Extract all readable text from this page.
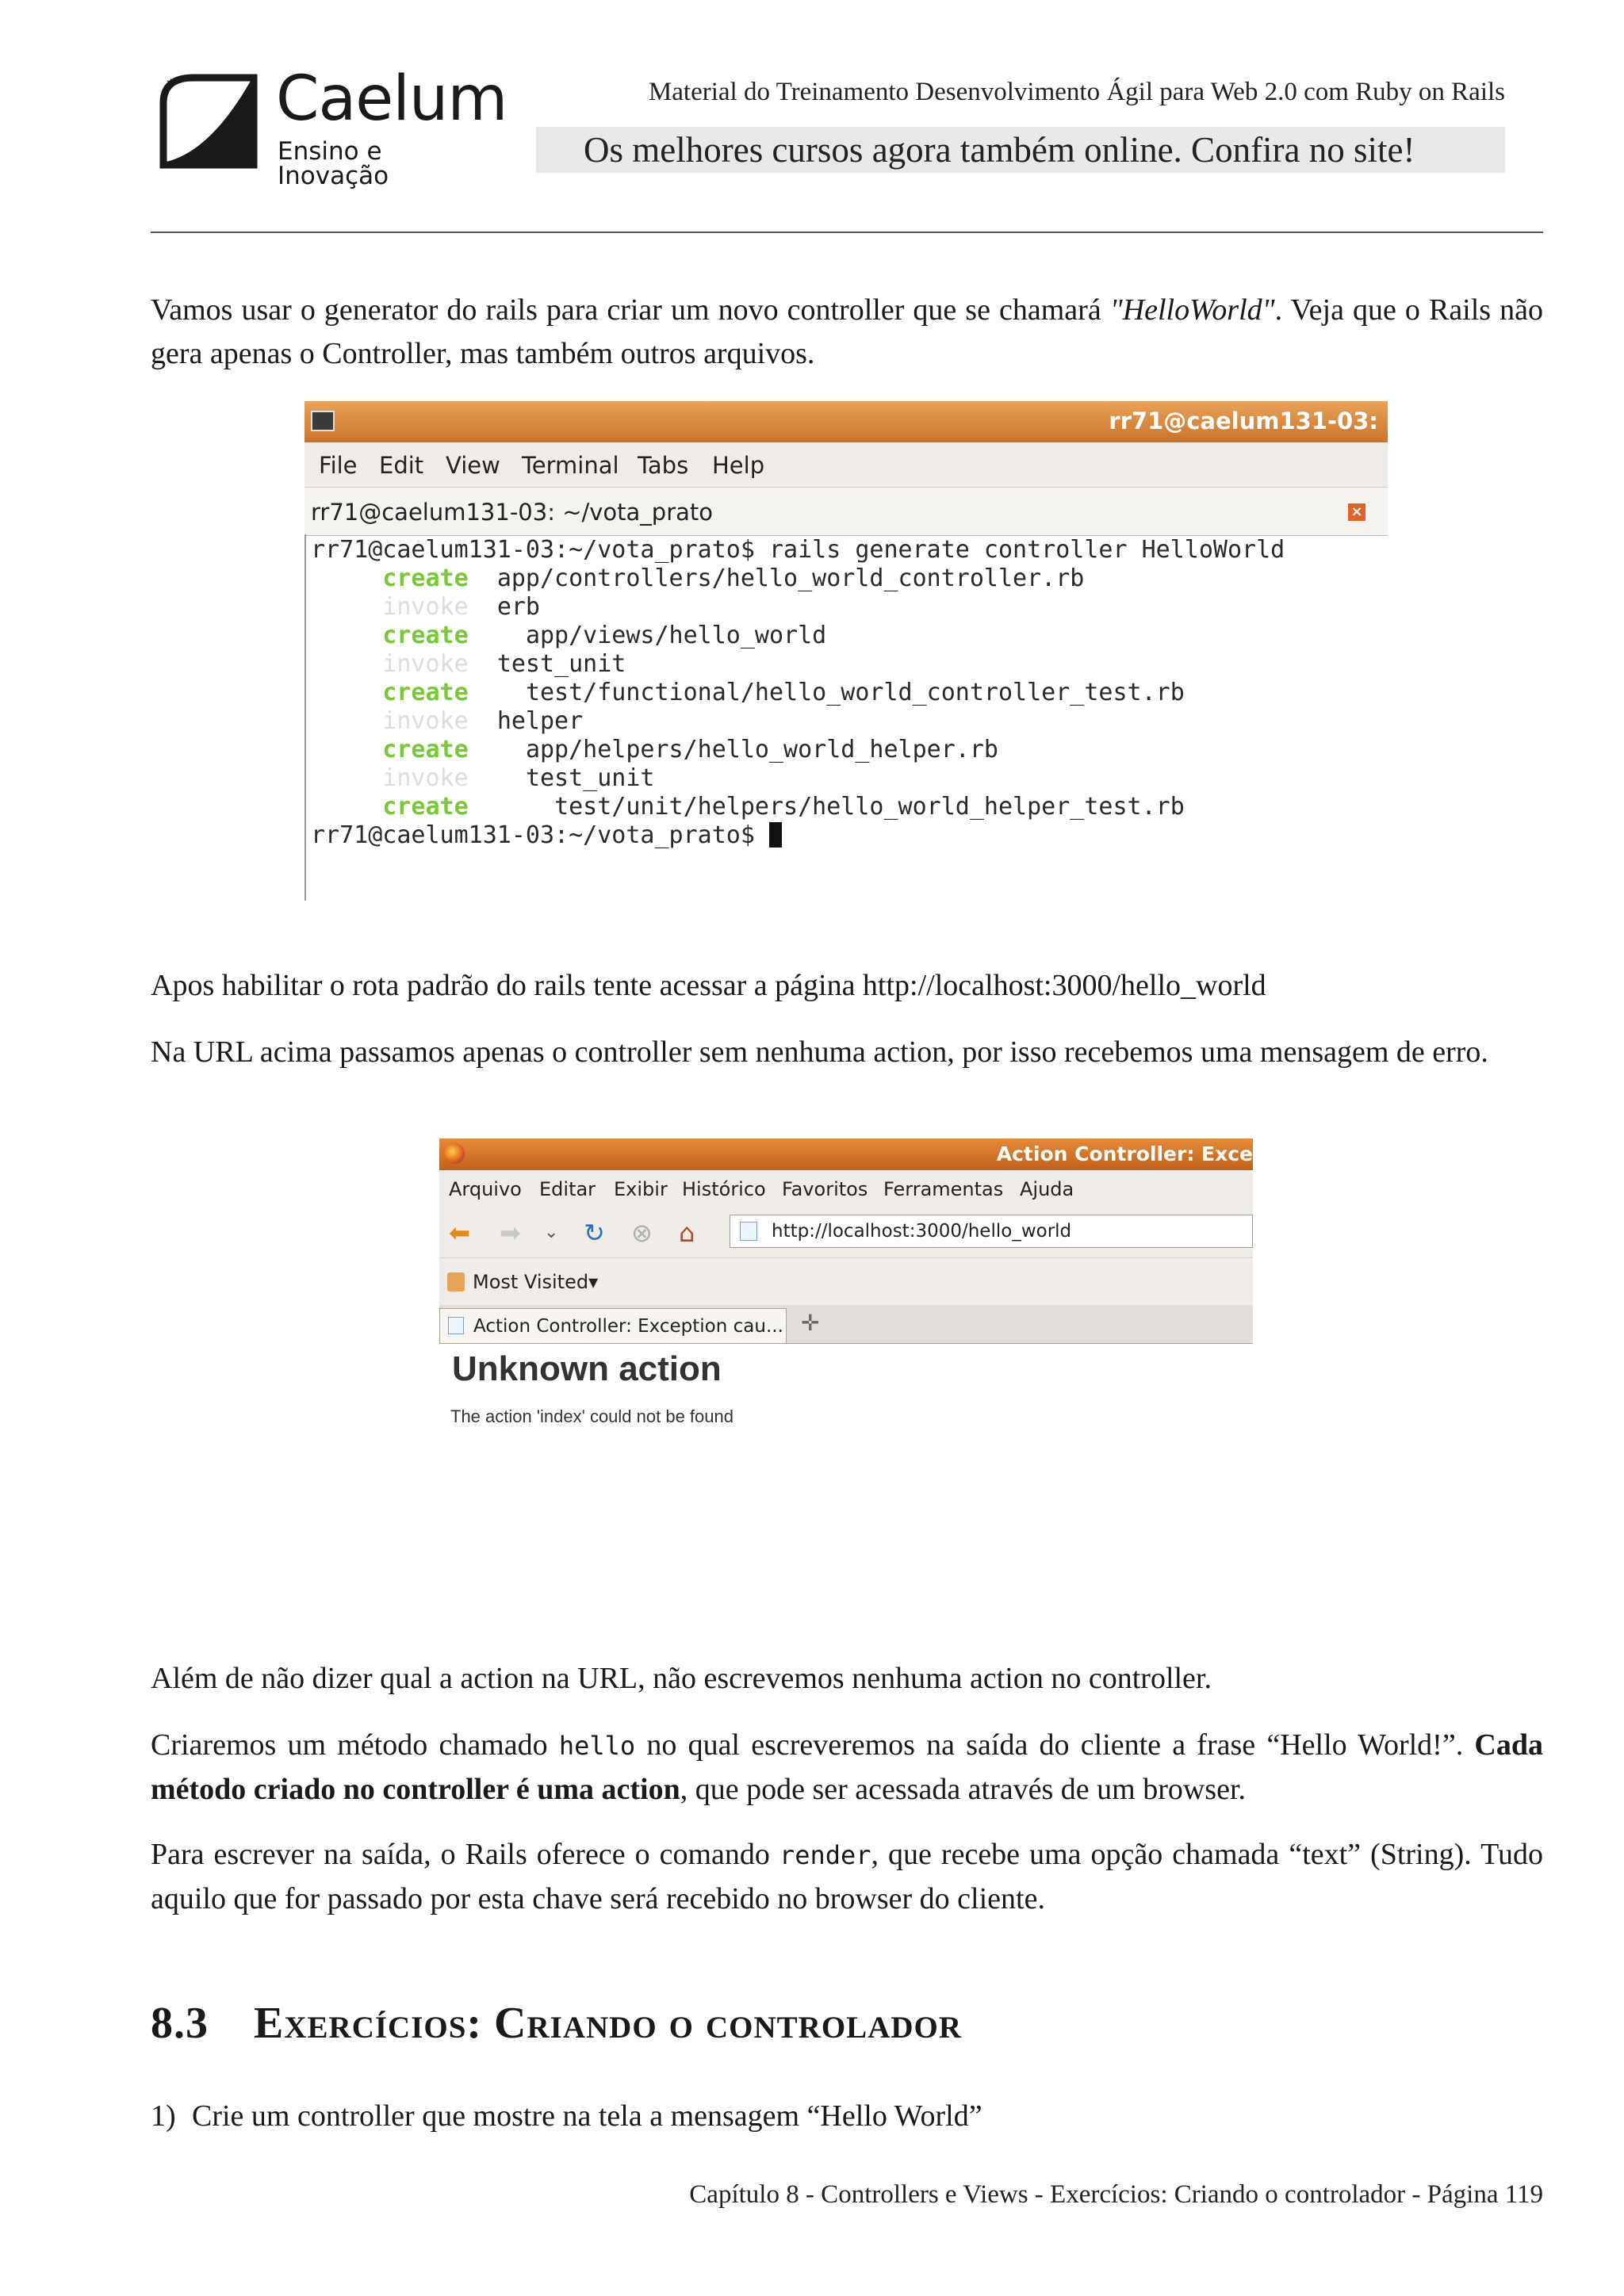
* Caelum
Ensino e Inovação
Material do Treinamento Desenvolvimento Ágil para Web 2.0 com Ruby on Rails
Os melhores cursos agora também online. Confira no site!
Vamos usar o generator do rails para criar um novo controller que se chamará "HelloWorld". Veja que o Rails não gera apenas o Controller, mas também outros arquivos.
rr71@caelum131-03:
File Edit View Terminal Tabs Help
rr71@caelum131-03: ~/vota_prato	×
rr71@caelum131-03:~/vota_prato$ rails generate controller HelloWorld
create app/controllers/hello_world_controller.rb
invoke erb
create app/views/hello_world
invoke test_unit
create test/functional/hello_world_controller_test.rb
invoke helper
create app/helpers/hello_world_helper.rb
invoke test_unit
create	test/unit/helpers/hello_world_helper_test.rb
rr71@caelum131-03:~/vota_prato$
Apos habilitar o rota padrão do rails tente acessar a página http://localhost:3000/hello_world
Na URL acima passamos apenas o controller sem nenhuma action, por isso recebemos uma mensagem de erro.
Action Controller: Exce
Arquivo Editar Exibir Histórico Favoritos Ferramentas Ajuda
⬅ ➡ ⌄ ↻ ⊗ ⌂	http://localhost:3000/hello_world
Most Visited▾
Action Controller: Exception cau... ✛
Unknown action
The action 'index' could not be found
Além de não dizer qual a action na URL, não escrevemos nenhuma action no controller.
Criaremos um método chamado hello no qual escreveremos na saída do cliente a frase “Hello World!”. Cada método criado no controller é uma action, que pode ser acessada através de um browser.
Para escrever na saída, o Rails oferece o comando render, que recebe uma opção chamada “text” (String). Tudo aquilo que for passado por esta chave será recebido no browser do cliente.
8.3 Exercícios: Criando o controlador
1) Crie um controller que mostre na tela a mensagem “Hello World”
Capítulo 8 - Controllers e Views - Exercícios: Criando o controlador - Página 119
